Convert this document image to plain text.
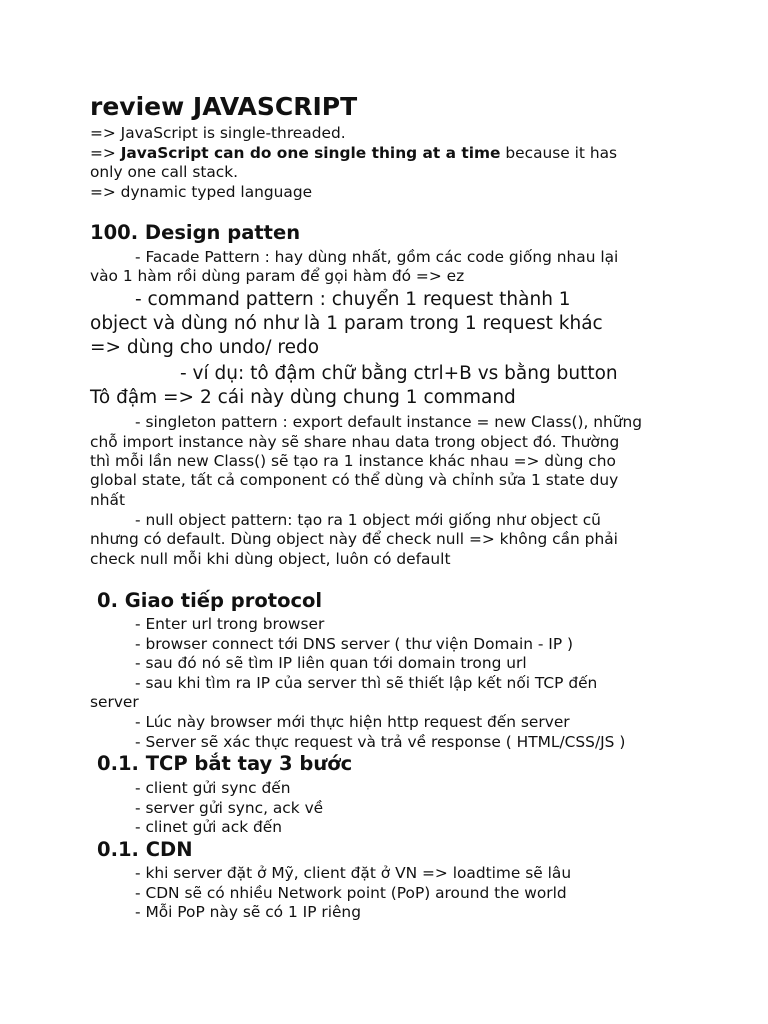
review JAVASCRIPT

=> JavaScript is single-threaded.

=> JavaScript can do one single thing at a time because it has

only one call stack.

=> dynamic typed language

100. Design patten

- Facade Pattern : hay dùng nhất, gồm các code giống nhau lại

vào 1 hàm rồi dùng param để gọi hàm đó => ez

- command pattern : chuyển 1 request thành 1

object và dùng nó như là 1 param trong 1 request khác

=> dùng cho undo/ redo

- ví dụ: tô đậm chữ bằng ctrl+B vs bằng button

Tô đậm => 2 cái này dùng chung 1 command

- singleton pattern : export default instance = new Class(), những

chỗ import instance này sẽ share nhau data trong object đó. Thường

thì mỗi lần new Class() sẽ tạo ra 1 instance khác nhau => dùng cho

global state, tất cả component có thể dùng và chỉnh sửa 1 state duy

nhất

- null object pattern: tạo ra 1 object mới giống như object cũ

nhưng có default. Dùng object này để check null => không cần phải

check null mỗi khi dùng object, luôn có default

0. Giao tiếp protocol

- Enter url trong browser

- browser connect tới DNS server ( thư viện Domain - IP )

- sau đó nó sẽ tìm IP liên quan tới domain trong url

- sau khi tìm ra IP của server thì sẽ thiết lập kết nối TCP đến

server

- Lúc này browser mới thực hiện http request đến server

- Server sẽ xác thực request và trả về response ( HTML/CSS/JS )

0.1. TCP bắt tay 3 bước

- client gửi sync đến

- server gửi sync, ack về

- clinet gửi ack đến

0.1. CDN

- khi server đặt ở Mỹ, client đặt ở VN => loadtime sẽ lâu

- CDN sẽ có nhiều Network point (PoP) around the world

- Mỗi PoP này sẽ có 1 IP riêng
